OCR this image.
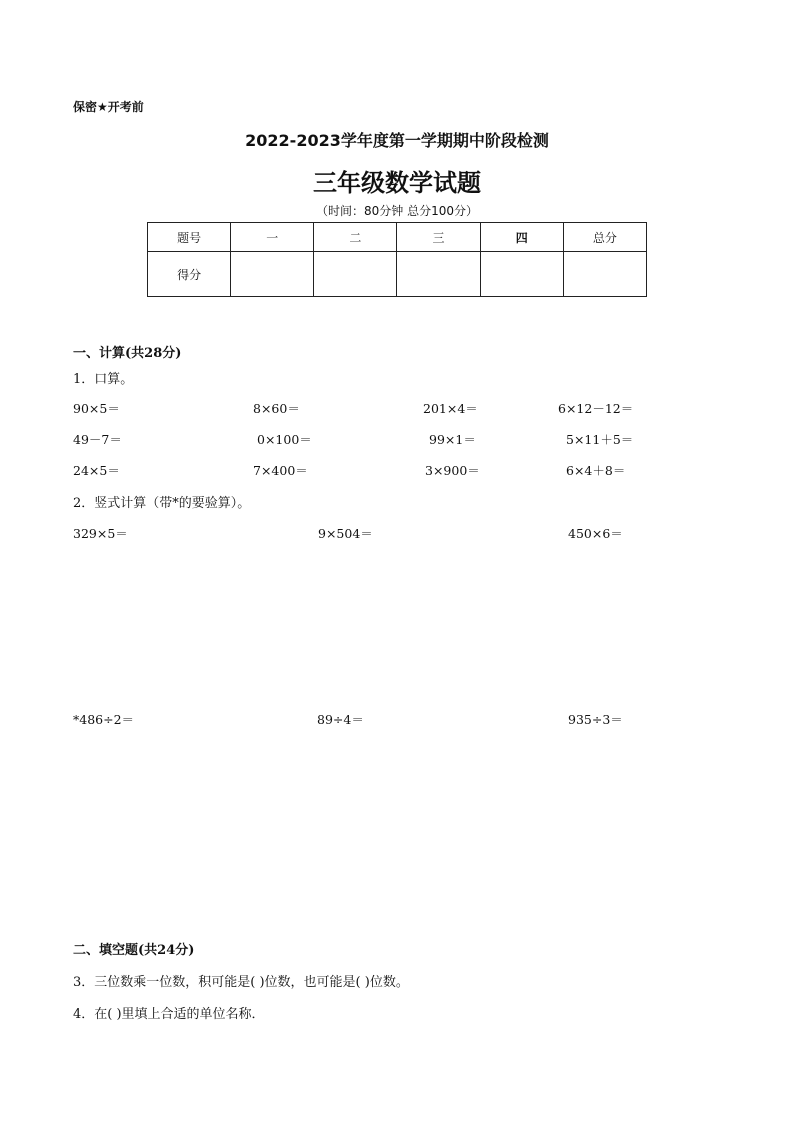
保密★开考前
2022-2023学年度第一学期期中阶段检测
三年级数学试题
（时间：80分钟 总分100分）
题号	一	二	三	四	总分
得分					
一、计算(共28分)
1．口算。
90×5＝	8×60＝	201×4＝	6×12－12＝
49－7＝	0×100＝	99×1＝	5×11＋5＝
24×5＝	7×400＝	3×900＝	6×4＋8＝
2．竖式计算（带*的要验算）。
329×5＝	9×504＝	450×6＝
*486÷2＝	89÷4＝	935÷3＝
二、填空题(共24分)
3．三位数乘一位数，积可能是( )位数，也可能是( )位数。
4．在( )里填上合适的单位名称．
